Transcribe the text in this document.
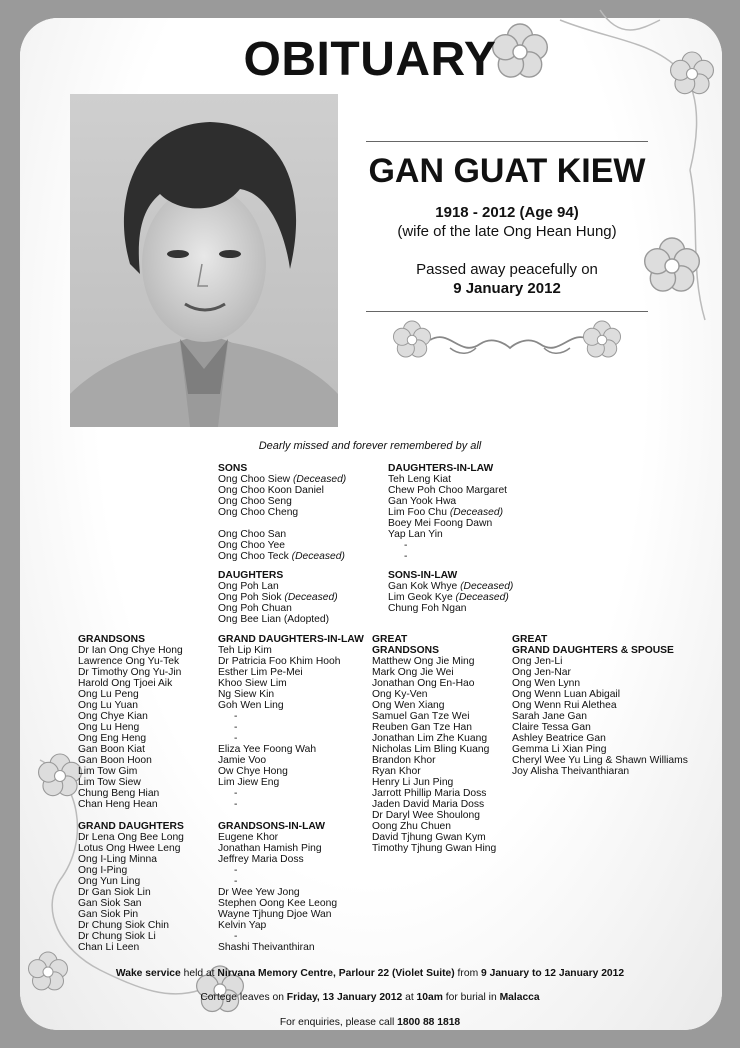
OBITUARY
GAN GUAT KIEW
1918 - 2012 (Age 94)
(wife of the late Ong Hean Hung)
Passed away peacefully on
9 January 2012
Dearly missed and forever remembered by all
SONS
Ong Choo Siew (Deceased)
Ong Choo Koon Daniel
Ong Choo Seng
Ong Choo Cheng
Ong Choo San
Ong Choo Yee
Ong Choo Teck (Deceased)
DAUGHTERS-IN-LAW
Teh Leng Kiat
Chew Poh Choo Margaret
Gan Yook Hwa
Lim Foo Chu (Deceased)
Boey Mei Foong Dawn
Yap Lan Yin
-
-
DAUGHTERS
Ong Poh Lan
Ong Poh Siok (Deceased)
Ong Poh Chuan
Ong Bee Lian (Adopted)
SONS-IN-LAW
Gan Kok Whye (Deceased)
Lim Geok Kye (Deceased)
Chung Foh Ngan
GRANDSONS
Dr Ian Ong Chye Hong
Lawrence Ong Yu-Tek
Dr Timothy Ong Yu-Jin
Harold Ong Tjoei Aik
Ong Lu Peng
Ong Lu Yuan
Ong Chye Kian
Ong Lu Heng
Ong Eng Heng
Gan Boon Kiat
Gan Boon Hoon
Lim Tow Gim
Lim Tow Siew
Chung Beng Hian
Chan Heng Hean
GRAND DAUGHTERS
Dr Lena Ong Bee Long
Lotus Ong Hwee Leng
Ong I-Ling Minna
Ong I-Ping
Ong Yun Ling
Dr Gan Siok Lin
Gan Siok San
Gan Siok Pin
Dr Chung Siok Chin
Dr Chung Siok Li
Chan Li Leen
GRAND DAUGHTERS-IN-LAW
Teh Lip Kim
Dr Patricia Foo Khim Hooh
Esther Lim Pe-Mei
Khoo Siew Lim
Ng Siew Kin
Goh Wen Ling
-
-
-
Eliza Yee Foong Wah
Jamie Voo
Ow Chye Hong
Lim Jiew Eng
-
-
GRANDSONS-IN-LAW
Eugene Khor
Jonathan Hamish Ping
Jeffrey Maria Doss
-
-
Dr Wee Yew Jong
Stephen Oong Kee Leong
Wayne Tjhung Djoe Wan
Kelvin Yap
-
Shashi Theivanthiran
GREAT
GRANDSONS
Matthew Ong Jie Ming
Mark Ong Jie Wei
Jonathan Ong En-Hao
Ong Ky-Ven
Ong Wen Xiang
Samuel Gan Tze Wei
Reuben Gan Tze Han
Jonathan Lim Zhe Kuang
Nicholas Lim Bling Kuang
Brandon Khor
Ryan Khor
Henry Li Jun Ping
Jarrott Phillip Maria Doss
Jaden David Maria Doss
Dr Daryl Wee Shoulong
Oong Zhu Chuen
David Tjhung Gwan Kym
Timothy Tjhung Gwan Hing
GREAT
GRAND DAUGHTERS & SPOUSE
Ong Jen-Li
Ong Jen-Nar
Ong Wen Lynn
Ong Wenn Luan Abigail
Ong Wenn Rui Alethea
Sarah Jane Gan
Claire Tessa Gan
Ashley Beatrice Gan
Gemma Li Xian Ping
Cheryl Wee Yu Ling & Shawn Williams
Joy Alisha Theivanthiaran
Wake service held at Nirvana Memory Centre, Parlour 22 (Violet Suite) from 9 January to 12 January 2012
Cortege leaves on Friday, 13 January 2012 at 10am for burial in Malacca
For enquiries, please call 1800 88 1818
